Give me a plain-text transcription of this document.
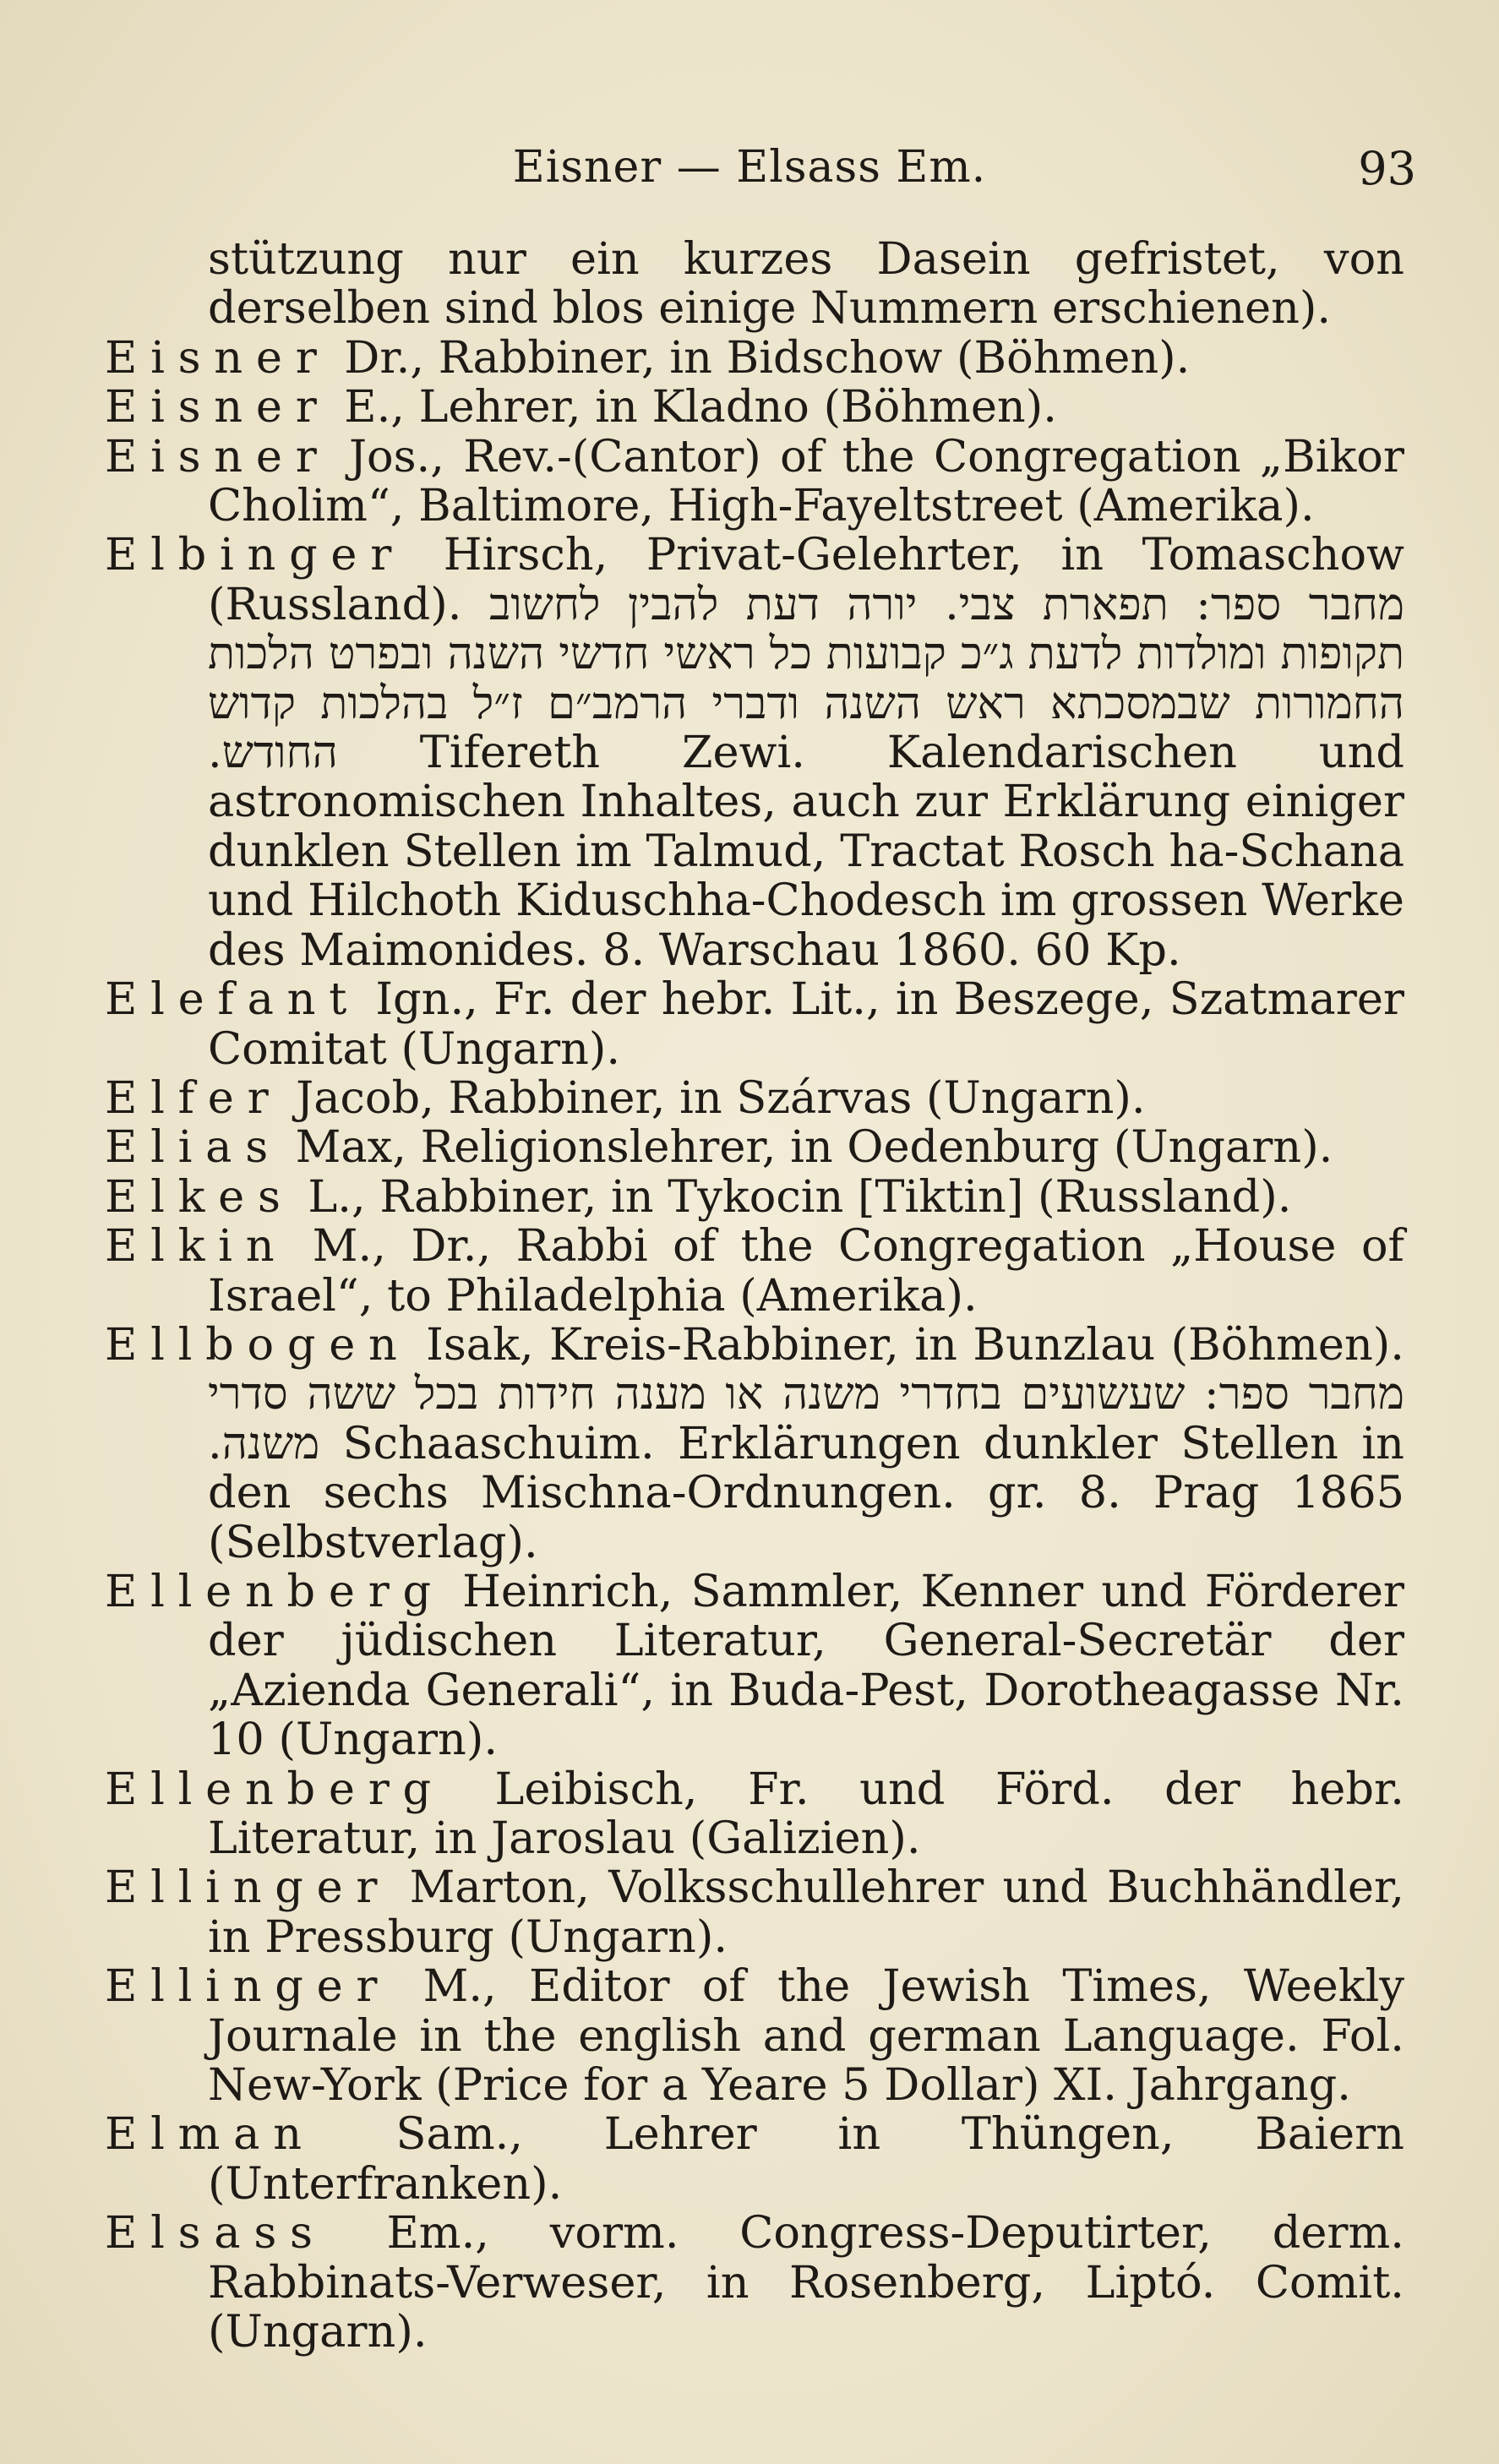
Eisner — Elsass Em.	93
stützung nur ein kurzes Dasein gefristet, von derselben sind blos einige Nummern erschienen).
Eisner Dr., Rabbiner, in Bidschow (Böhmen).
Eisner E., Lehrer, in Kladno (Böhmen).
Eisner Jos., Rev.-(Cantor) of the Congregation „Bikor Cholim“, Baltimore, High-Fayeltstreet (Amerika).
Elbinger Hirsch, Privat-Gelehrter, in Tomaschow (Russland). מחבר ספר: תפארת צבי. יורה דעת להבין לחשוב תקופות ומולדות לדעת ג״כ קבועות כל ראשי חדשי השנה ובפרט הלכות החמורות שבמסכתא ראש השנה ודברי הרמב״ם ז״ל בהלכות קדוש החודש. Tifereth Zewi. Kalendarischen und astronomischen Inhaltes, auch zur Erklärung einiger dunklen Stellen im Talmud, Tractat Rosch ha-Schana und Hilchoth Kiduschha-Chodesch im grossen Werke des Maimonides. 8. Warschau 1860. 60 Kp.
Elefant Ign., Fr. der hebr. Lit., in Beszege, Szatmarer Comitat (Ungarn).
Elfer Jacob, Rabbiner, in Szárvas (Ungarn).
Elias Max, Religionslehrer, in Oedenburg (Ungarn).
Elkes L., Rabbiner, in Tykocin [Tiktin] (Russland).
Elkin M., Dr., Rabbi of the Congregation „House of Israel“, to Philadelphia (Amerika).
Ellbogen Isak, Kreis-Rabbiner, in Bunzlau (Böhmen). מחבר ספר: שעשועים בחדרי משנה או מענה חידות בכל ששה סדרי משנה. Schaaschuim. Erklärungen dunkler Stellen in den sechs Mischna-Ordnungen. gr. 8. Prag 1865 (Selbstverlag).
Ellenberg Heinrich, Sammler, Kenner und Förderer der jüdischen Literatur, General-Secretär der „Azienda Generali“, in Buda-Pest, Dorotheagasse Nr. 10 (Ungarn).
Ellenberg Leibisch, Fr. und Förd. der hebr. Literatur, in Jaroslau (Galizien).
Ellinger Marton, Volksschullehrer und Buchhändler, in Pressburg (Ungarn).
Ellinger M., Editor of the Jewish Times, Weekly Journale in the english and german Language. Fol. New-York (Price for a Yeare 5 Dollar) XI. Jahrgang.
Elman Sam., Lehrer in Thüngen, Baiern (Unterfranken).
Elsass Em., vorm. Congress-Deputirter, derm. Rabbinats-Verweser, in Rosenberg, Liptó. Comit. (Ungarn).
